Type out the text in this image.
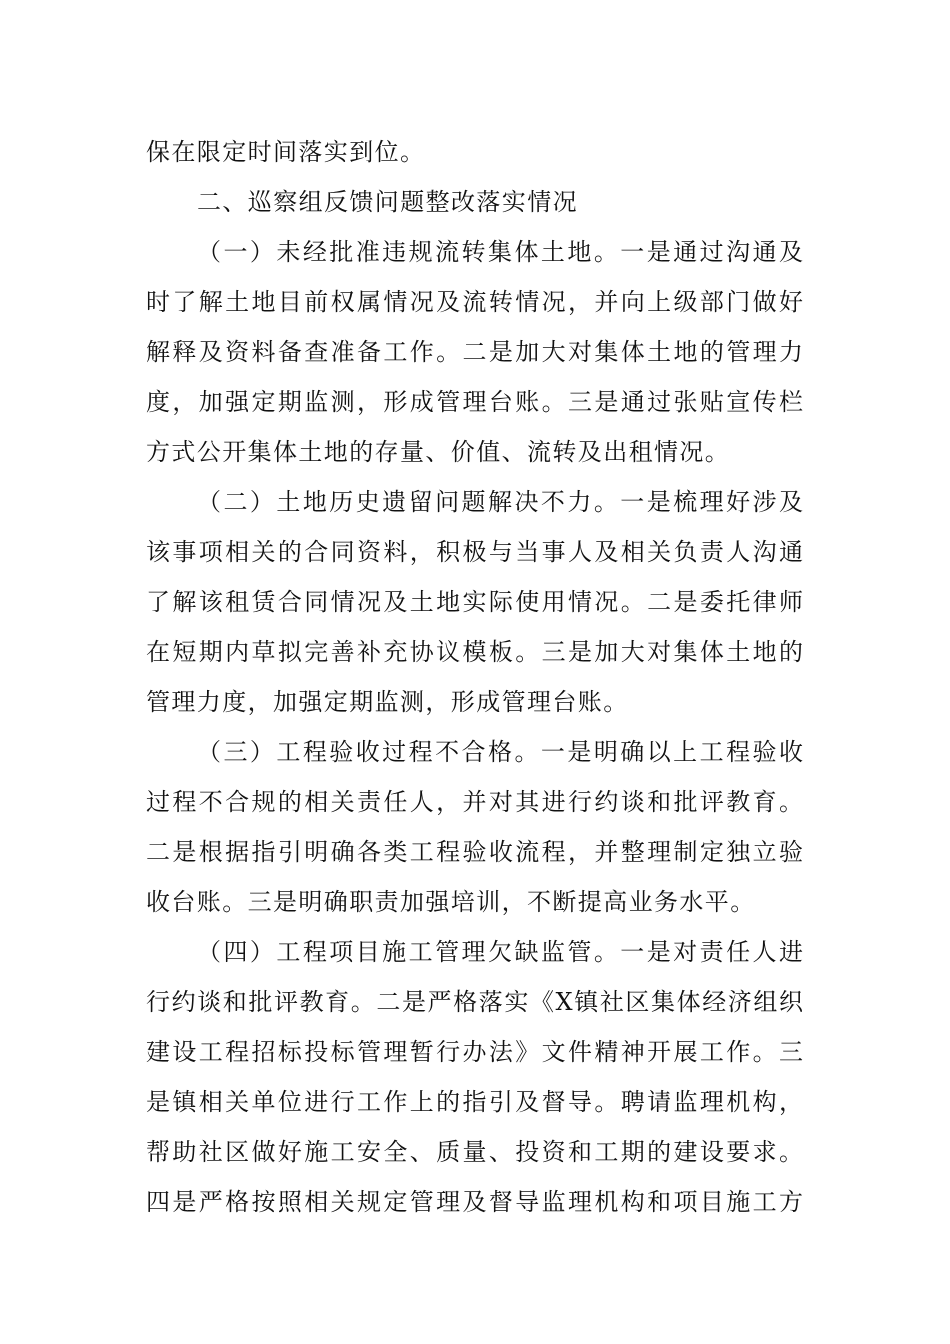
保在限定时间落实到位。
二、巡察组反馈问题整改落实情况
（一）未经批准违规流转集体土地。一是通过沟通及
时了解土地目前权属情况及流转情况，并向上级部门做好
解释及资料备查准备工作。二是加大对集体土地的管理力
度，加强定期监测，形成管理台账。三是通过张贴宣传栏
方式公开集体土地的存量、价值、流转及出租情况。
（二）土地历史遗留问题解决不力。一是梳理好涉及
该事项相关的合同资料，积极与当事人及相关负责人沟通
了解该租赁合同情况及土地实际使用情况。二是委托律师
在短期内草拟完善补充协议模板。三是加大对集体土地的
管理力度，加强定期监测，形成管理台账。
（三）工程验收过程不合格。一是明确以上工程验收
过程不合规的相关责任人，并对其进行约谈和批评教育。
二是根据指引明确各类工程验收流程，并整理制定独立验
收台账。三是明确职责加强培训，不断提高业务水平。
（四）工程项目施工管理欠缺监管。一是对责任人进
行约谈和批评教育。二是严格落实《X镇社区集体经济组织
建设工程招标投标管理暂行办法》文件精神开展工作。三
是镇相关单位进行工作上的指引及督导。聘请监理机构，
帮助社区做好施工安全、质量、投资和工期的建设要求。
四是严格按照相关规定管理及督导监理机构和项目施工方
